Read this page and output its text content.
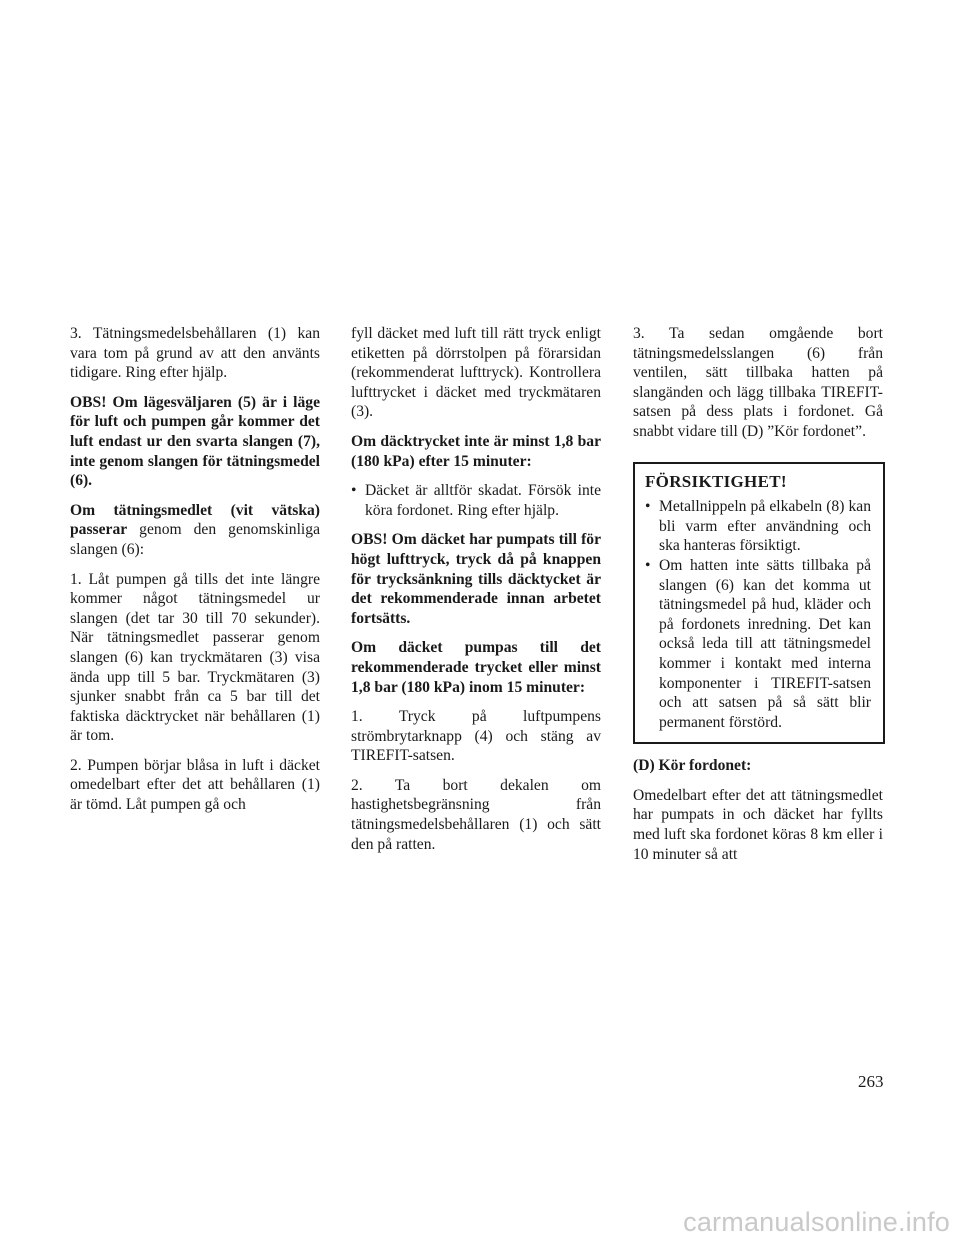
3. Tätningsmedelsbehållaren (1) kan vara tom på grund av att den använts tidigare. Ring efter hjälp.

OBS! Om lägesväljaren (5) är i läge för luft och pumpen går kommer det luft endast ur den svarta slangen (7), inte genom slangen för tätningsmedel (6).

Om tätningsmedlet (vit vätska) passerar genom den genomskinliga slangen (6):

1. Låt pumpen gå tills det inte längre kommer något tätningsmedel ur slangen (det tar 30 till 70 sekunder). När tätningsmedlet passerar genom slangen (6) kan tryckmätaren (3) visa ända upp till 5 bar. Tryckmätaren (3) sjunker snabbt från ca 5 bar till det faktiska däcktrycket när behållaren (1) är tom.

2. Pumpen börjar blåsa in luft i däcket omedelbart efter det att behållaren (1) är tömd. Låt pumpen gå och

fyll däcket med luft till rätt tryck enligt etiketten på dörrstolpen på förarsidan (rekommenderat lufttryck). Kontrollera lufttrycket i däcket med tryckmätaren (3).

Om däcktrycket inte är minst 1,8 bar (180 kPa) efter 15 minuter:

• Däcket är alltför skadat. Försök inte köra fordonet. Ring efter hjälp.

OBS! Om däcket har pumpats till för högt lufttryck, tryck då på knappen för trycksänkning tills däcktycket är det rekommenderade innan arbetet fortsätts.

Om däcket pumpas till det rekommenderade trycket eller minst 1,8 bar (180 kPa) inom 15 minuter:

1. Tryck på luftpumpens strömbrytarknapp (4) och stäng av TIREFIT-satsen.

2. Ta bort dekalen om hastighetsbegränsning från tätningsmedelsbehållaren (1) och sätt den på ratten.

3. Ta sedan omgående bort tätningsmedelsslangen (6) från ventilen, sätt tillbaka hatten på slangänden och lägg tillbaka TIREFIT-satsen på dess plats i fordonet. Gå snabbt vidare till (D) ”Kör fordonet”.

FÖRSIKTIGHET!
• Metallnippeln på elkabeln (8) kan bli varm efter användning och ska hanteras försiktigt.
• Om hatten inte sätts tillbaka på slangen (6) kan det komma ut tätningsmedel på hud, kläder och på fordonets inredning. Det kan också leda till att tätningsmedel kommer i kontakt med interna komponenter i TIREFIT-satsen och att satsen på så sätt blir permanent förstörd.

(D) Kör fordonet:

Omedelbart efter det att tätningsmedlet har pumpats in och däcket har fyllts med luft ska fordonet köras 8 km eller i 10 minuter så att

263
carmanualsonline.info
